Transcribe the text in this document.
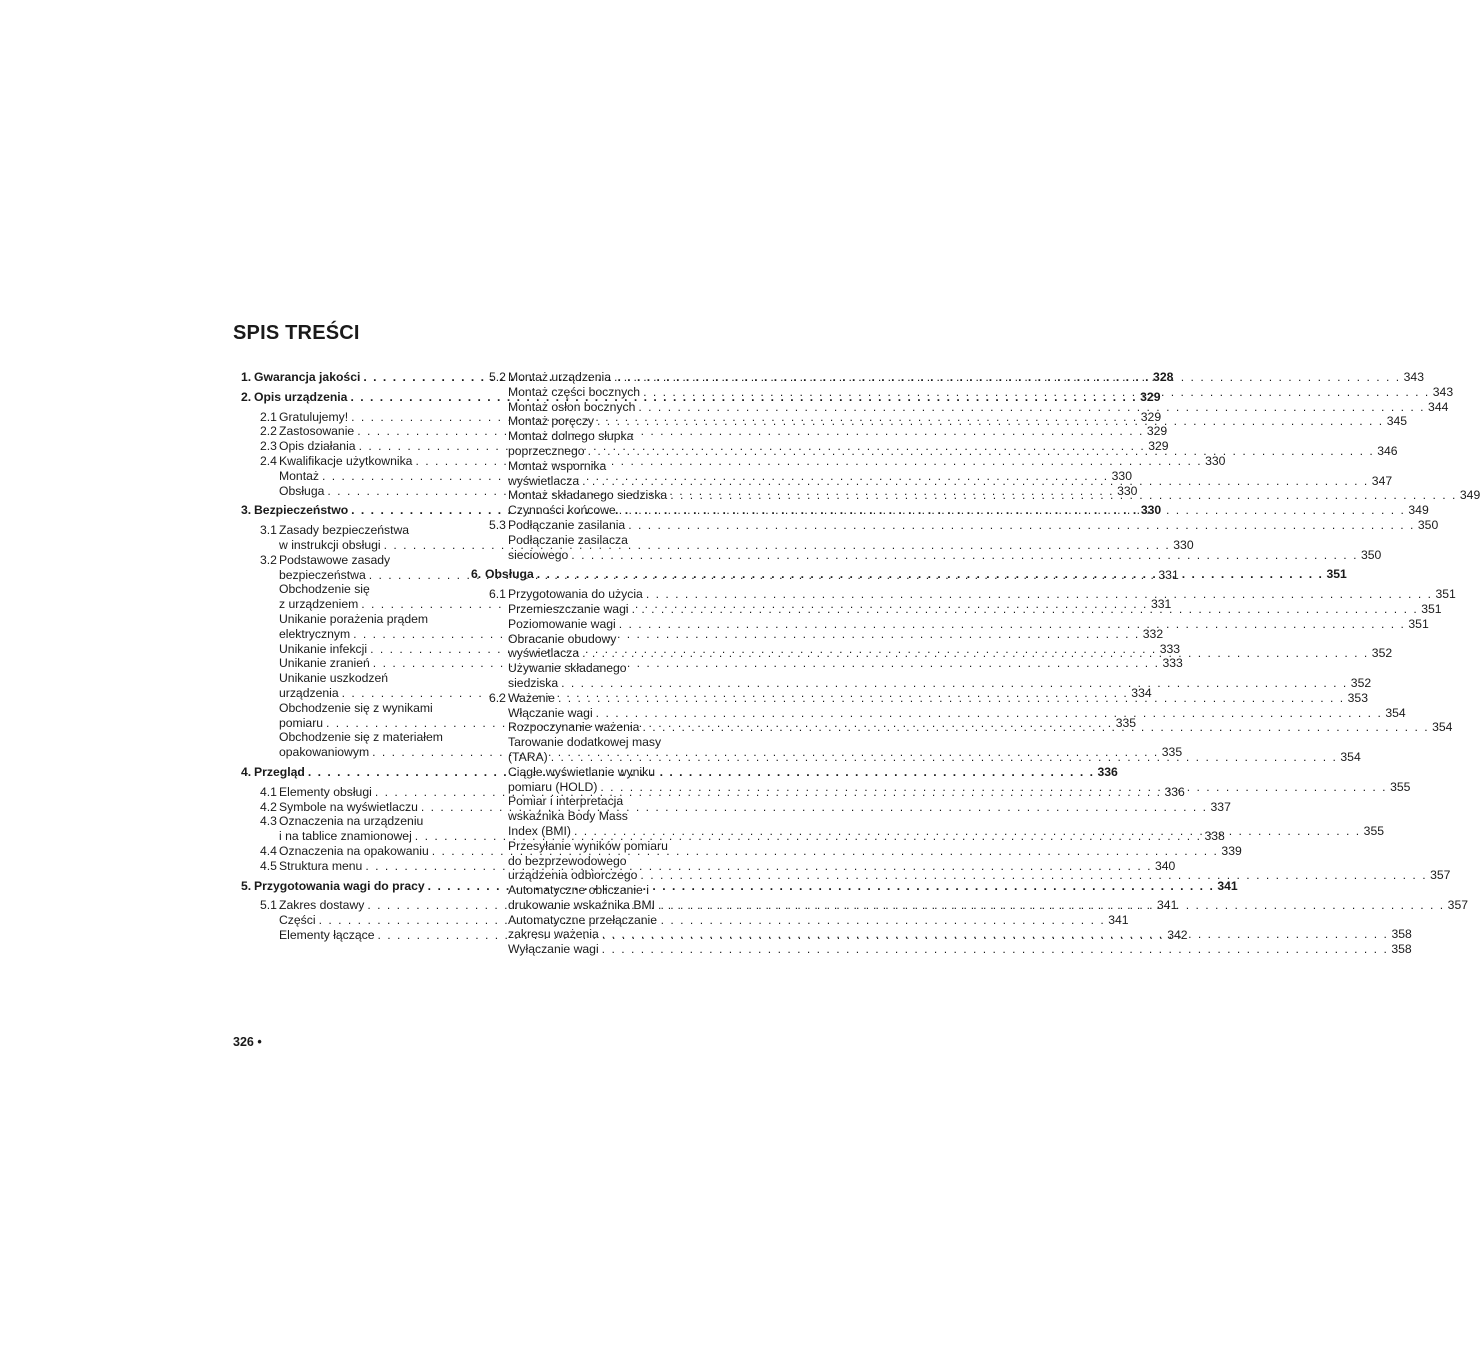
SPIS TREŚCI
1. Gwarancja jakości . . .	328
2. Opis urządzenia . . .	329
2.1 Gratulujemy! . . .	329
2.2 Zastosowanie . . .	329
2.3 Opis działania . . .	329
2.4 Kwalifikacje użytkownika . . .	330
Montaż . . .	330
Obsługa . . .	330
3. Bezpieczeństwo . . .	330
3.1 Zasady bezpieczeństwa
w instrukcji obsługi . . .	330
3.2 Podstawowe zasady
bezpieczeństwa . . .	331
Obchodzenie się
z urządzeniem . . .	331
Unikanie porażenia prądem
elektrycznym . . .	332
Unikanie infekcji . . .	333
Unikanie zranień . . .	333
Unikanie uszkodzeń
urządzenia . . .	334
Obchodzenie się z wynikami
pomiaru . . .	335
Obchodzenie się z materiałem
opakowaniowym . . .	335
4. Przegląd . . .	336
4.1 Elementy obsługi . . .	336
4.2 Symbole na wyświetlaczu . . .	337
4.3 Oznaczenia na urządzeniu
i na tablice znamionowej . . .	338
4.4 Oznaczenia na opakowaniu . . .	339
4.5 Struktura menu . . .	340
5. Przygotowania wagi do pracy . . .	341
5.1 Zakres dostawy . . .	341
Części . . .	341
Elementy łączące . . .	342
5.2 Montaż urządzenia . . .	343
Montaż części bocznych . . .	343
Montaż osłon bocznych . . .	344
Montaż poręczy . . .	345
Montaż dolnego słupka
poprzecznego . . .	346
Montaż wspornika
wyświetlacza . . .	347
Montaż składanego siedziska . . .	349
Czynności końcowe . . .	349
5.3 Podłączanie zasilania . . .	350
Podłączanie zasilacza
sieciowego . . .	350
6. Obsługa . . .	351
6.1 Przygotowania do użycia . . .	351
Przemieszczanie wagi . . .	351
Poziomowanie wagi . . .	351
Obracanie obudowy
wyświetlacza . . .	352
Używanie składanego
siedziska . . .	352
6.2 Ważenie . . .	353
Włączanie wagi . . .	354
Rozpoczynanie ważenia . . .	354
Tarowanie dodatkowej masy
(TARA) . . .	354
Ciągłe wyświetlanie wyniku
pomiaru (HOLD) . . .	355
Pomiar i interpretacja
wskaźnika Body Mass
Index (BMI) . . .	355
Przesyłanie wyników pomiaru
do bezprzewodowego
urządzenia odbiorczego . . .	357
Automatyczne obliczanie i
drukowanie wskaźnika BMI . . .	357
Automatyczne przełączanie
zakresu ważenia . . .	358
Wyłączanie wagi . . .	358
326 •
